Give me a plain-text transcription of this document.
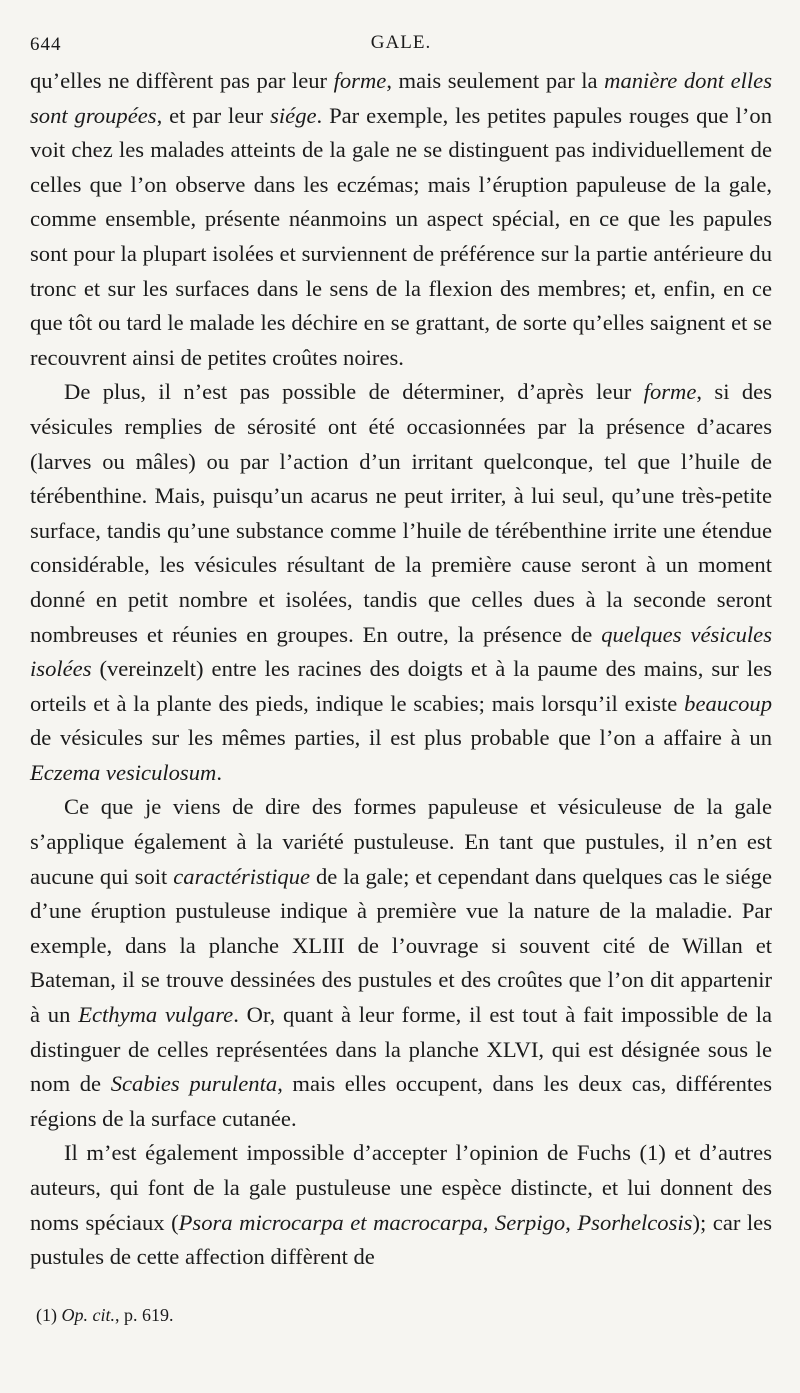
644	GALE.

qu’elles ne diffèrent pas par leur forme, mais seulement par la manière dont elles sont groupées, et par leur siége. Par exemple, les petites papules rouges que l’on voit chez les malades atteints de la gale ne se distinguent pas individuellement de celles que l’on observe dans les eczémas; mais l’éruption papuleuse de la gale, comme ensemble, présente néanmoins un aspect spécial, en ce que les papules sont pour la plupart isolées et surviennent de préférence sur la partie antérieure du tronc et sur les surfaces dans le sens de la flexion des membres; et, enfin, en ce que tôt ou tard le malade les déchire en se grattant, de sorte qu’elles saignent et se recouvrent ainsi de petites croûtes noires.

De plus, il n’est pas possible de déterminer, d’après leur forme, si des vésicules remplies de sérosité ont été occasionnées par la présence d’acares (larves ou mâles) ou par l’action d’un irritant quelconque, tel que l’huile de térébenthine. Mais, puisqu’un acarus ne peut irriter, à lui seul, qu’une très-petite surface, tandis qu’une substance comme l’huile de térébenthine irrite une étendue considérable, les vésicules résultant de la première cause seront à un moment donné en petit nombre et isolées, tandis que celles dues à la seconde seront nombreuses et réunies en groupes. En outre, la présence de quelques vésicules isolées (vereinzelt) entre les racines des doigts et à la paume des mains, sur les orteils et à la plante des pieds, indique le scabies; mais lorsqu’il existe beaucoup de vésicules sur les mêmes parties, il est plus probable que l’on a affaire à un Eczema vesiculosum.

Ce que je viens de dire des formes papuleuse et vésiculeuse de la gale s’applique également à la variété pustuleuse. En tant que pustules, il n’en est aucune qui soit caractéristique de la gale; et cependant dans quelques cas le siége d’une éruption pustuleuse indique à première vue la nature de la maladie. Par exemple, dans la planche XLIII de l’ouvrage si souvent cité de Willan et Bateman, il se trouve dessinées des pustules et des croûtes que l’on dit appartenir à un Ecthyma vulgare. Or, quant à leur forme, il est tout à fait impossible de la distinguer de celles représentées dans la planche XLVI, qui est désignée sous le nom de Scabies purulenta, mais elles occupent, dans les deux cas, différentes régions de la surface cutanée.

Il m’est également impossible d’accepter l’opinion de Fuchs (1) et d’autres auteurs, qui font de la gale pustuleuse une espèce distincte, et lui donnent des noms spéciaux (Psora microcarpa et macrocarpa, Serpigo, Psorhelcosis); car les pustules de cette affection diffèrent de

(1) Op. cit., p. 619.
